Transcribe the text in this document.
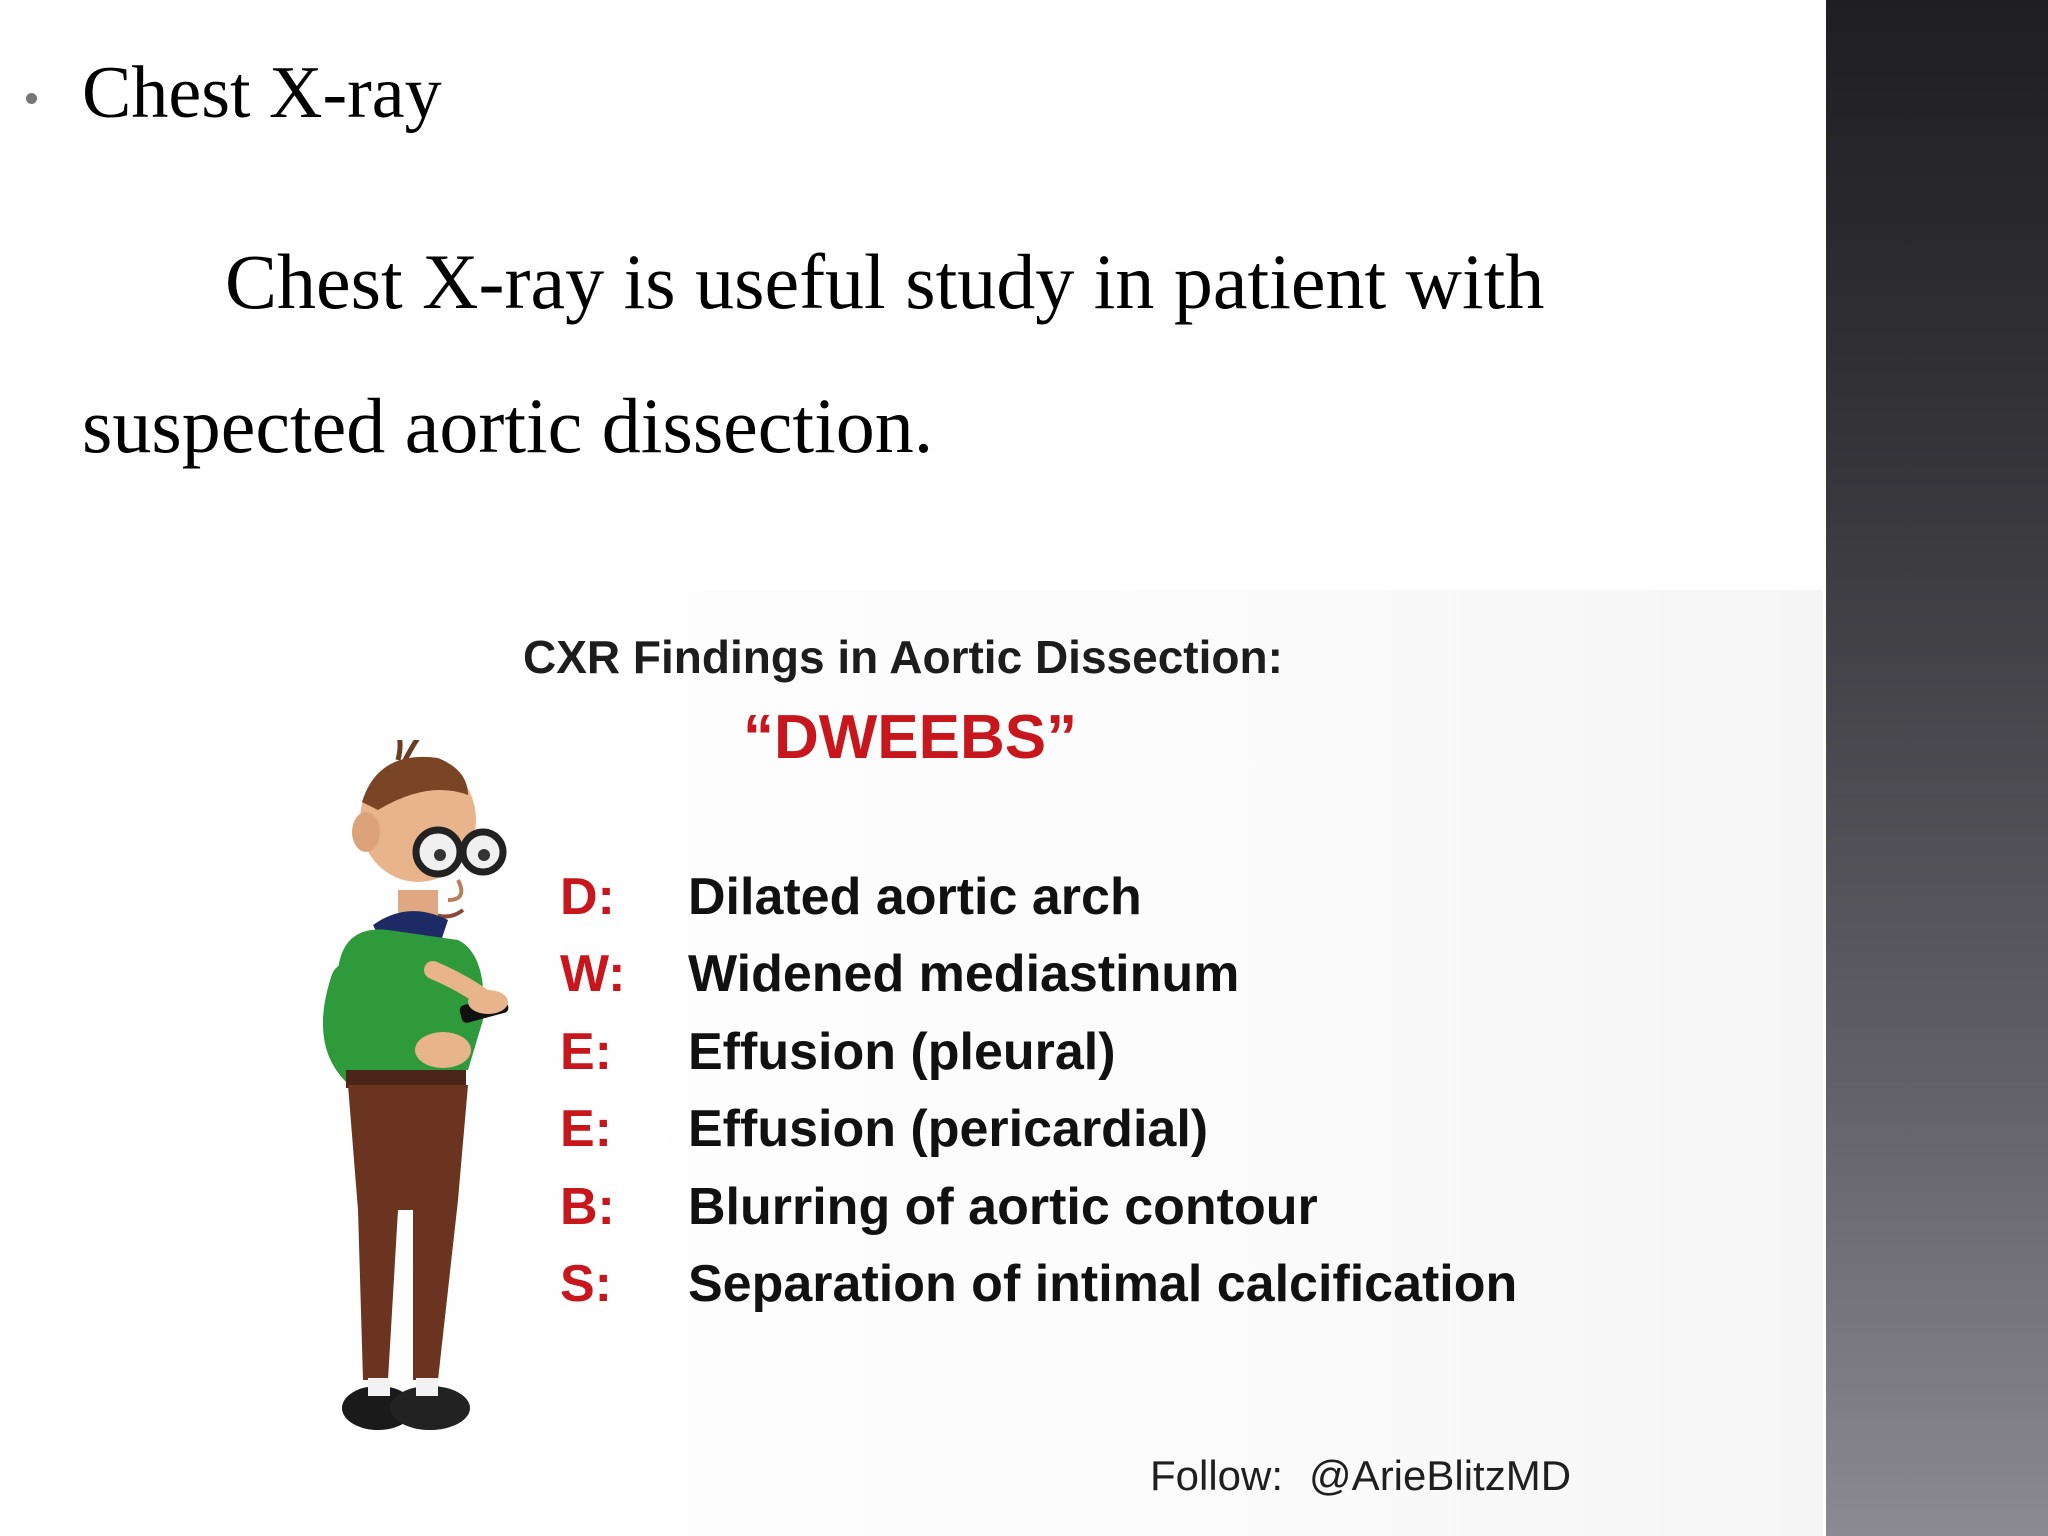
Chest X-ray
Chest X-ray is useful study in patient with
suspected aortic dissection.
CXR Findings in Aortic Dissection:
“DWEEBS”
D:	Dilated aortic arch
W:	Widened mediastinum
E:	Effusion (pleural)
E:	Effusion (pericardial)
B:	Blurring of aortic contour
S:	Separation of intimal calcification
Follow: @ArieBlitzMD
